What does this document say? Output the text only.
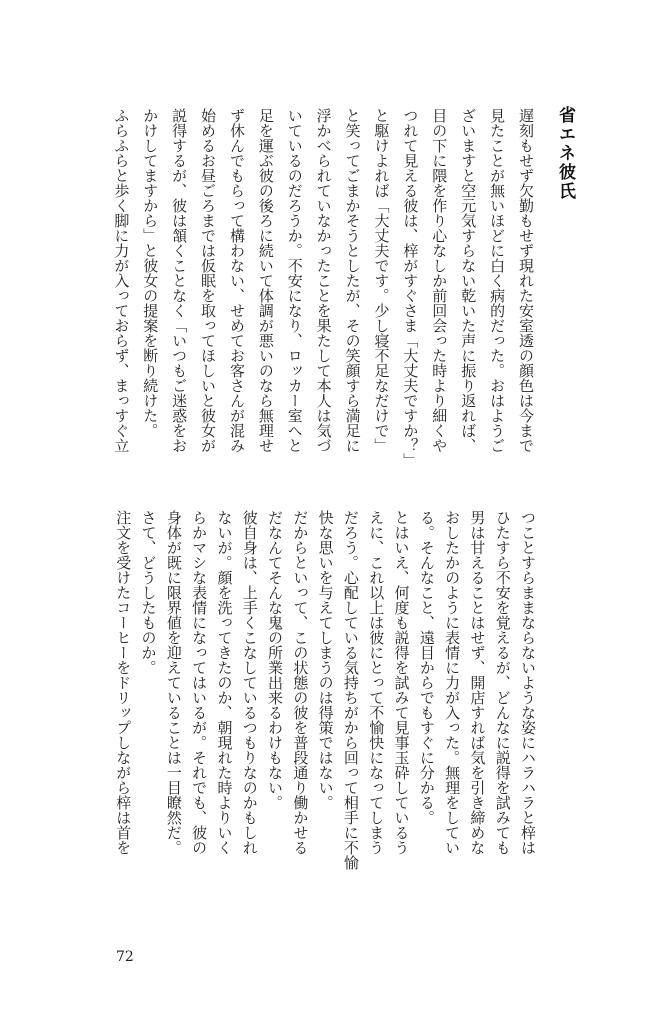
省エネ彼氏
遅刻もせず欠勤もせず現れた安室透の顔色は今まで
見たことが無いほどに白く病的だった。おはようご
ざいますと空元気すらない乾いた声に振り返れば、
目の下に隈を作り心なしか前回会った時より細くや
つれて見える彼は、梓がすぐさま「大丈夫ですか？」
と駆けよれば「大丈夫です。少し寝不足なだけで」
と笑ってごまかそうとしたが、その笑顔すら満足に
浮かべられていなかったことを果たして本人は気づ
いているのだろうか。不安になり、ロッカー室へと
足を運ぶ彼の後ろに続いて体調が悪いのなら無理せ
ず休んでもらって構わない、せめてお客さんが混み
始めるお昼ごろまでは仮眠を取ってほしいと彼女が
説得するが、彼は頷くことなく「いつもご迷惑をお
かけしてますから」と彼女の提案を断り続けた。
ふらふらと歩く脚に力が入っておらず、まっすぐ立
つことすらままならないような姿にハラハラと梓は
ひたすら不安を覚えるが、どんなに説得を試みても
男は甘えることはせず、開店すれば気を引き締めな
おしたかのように表情に力が入った。無理をしてい
る。そんなこと、遠目からでもすぐに分かる。
とはいえ、何度も説得を試みて見事玉砕しているう
えに、これ以上は彼にとって不愉快になってしまう
だろう。心配している気持ちがから回って相手に不愉
快な思いを与えてしまうのは得策ではない。
だからといって、この状態の彼を普段通り働かせる
だなんてそんな鬼の所業出来るわけもない。
彼自身は、上手くこなしているつもりなのかもしれ
ないが。顔を洗ってきたのか、朝現れた時よりいく
らかマシな表情になってはいるが。それでも、彼の
身体が既に限界値を迎えていることは一目瞭然だ。
さて、どうしたものか。
注文を受けたコーヒーをドリップしながら梓は首を
72
